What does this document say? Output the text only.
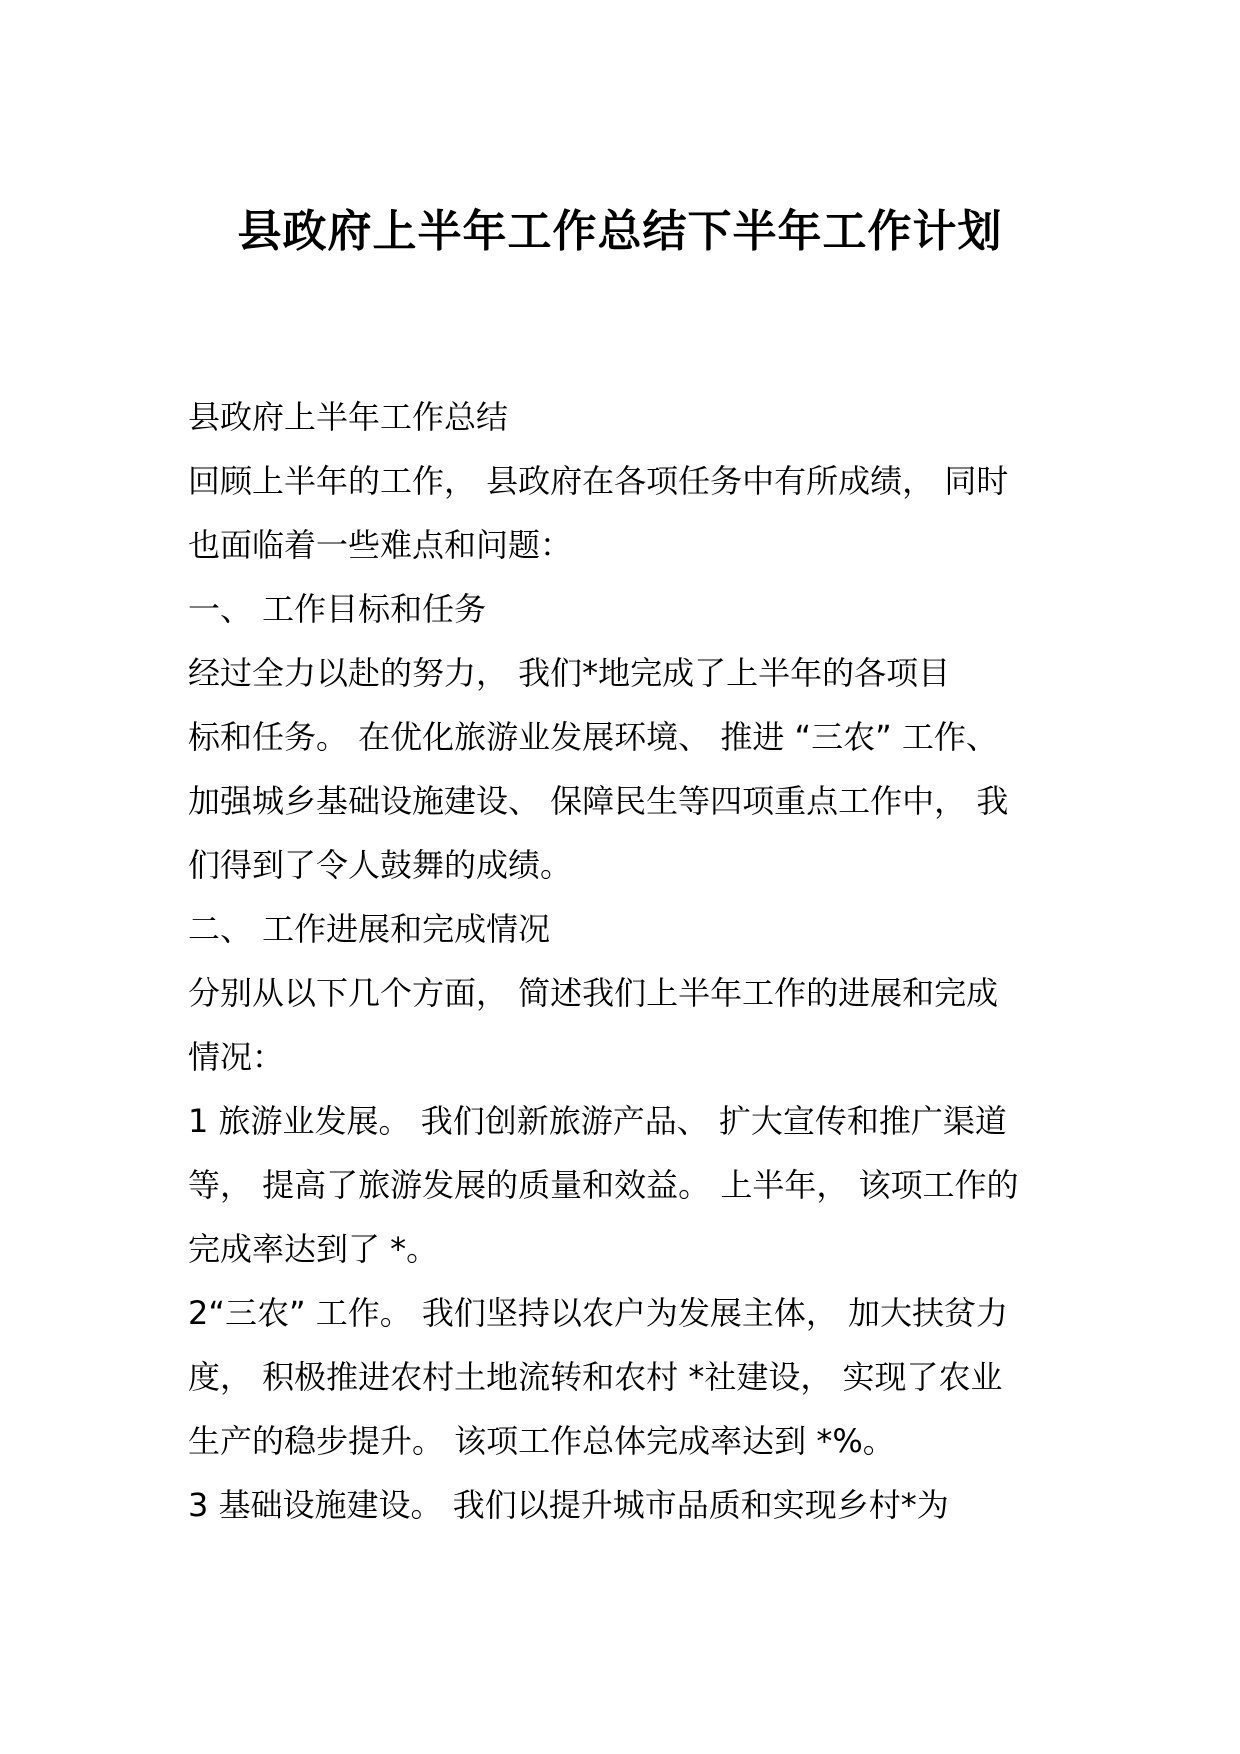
县政府上半年工作总结下半年工作计划
县政府上半年工作总结
回顾上半年的工作， 县政府在各项任务中有所成绩， 同时
也面临着一些难点和问题：
一、 工作目标和任务
经过全力以赴的努力， 我们*地完成了上半年的各项目
标和任务。 在优化旅游业发展环境、 推进 “三农” 工作、
加强城乡基础设施建设、 保障民生等四项重点工作中， 我
们得到了令人鼓舞的成绩。
二、 工作进展和完成情况
分别从以下几个方面， 简述我们上半年工作的进展和完成
情况：
1 旅游业发展。 我们创新旅游产品、 扩大宣传和推广渠道
等， 提高了旅游发展的质量和效益。 上半年， 该项工作的
完成率达到了 *。
2“三农” 工作。 我们坚持以农户为发展主体， 加大扶贫力
度， 积极推进农村土地流转和农村 *社建设， 实现了农业
生产的稳步提升。 该项工作总体完成率达到 *%。
3 基础设施建设。 我们以提升城市品质和实现乡村*为
